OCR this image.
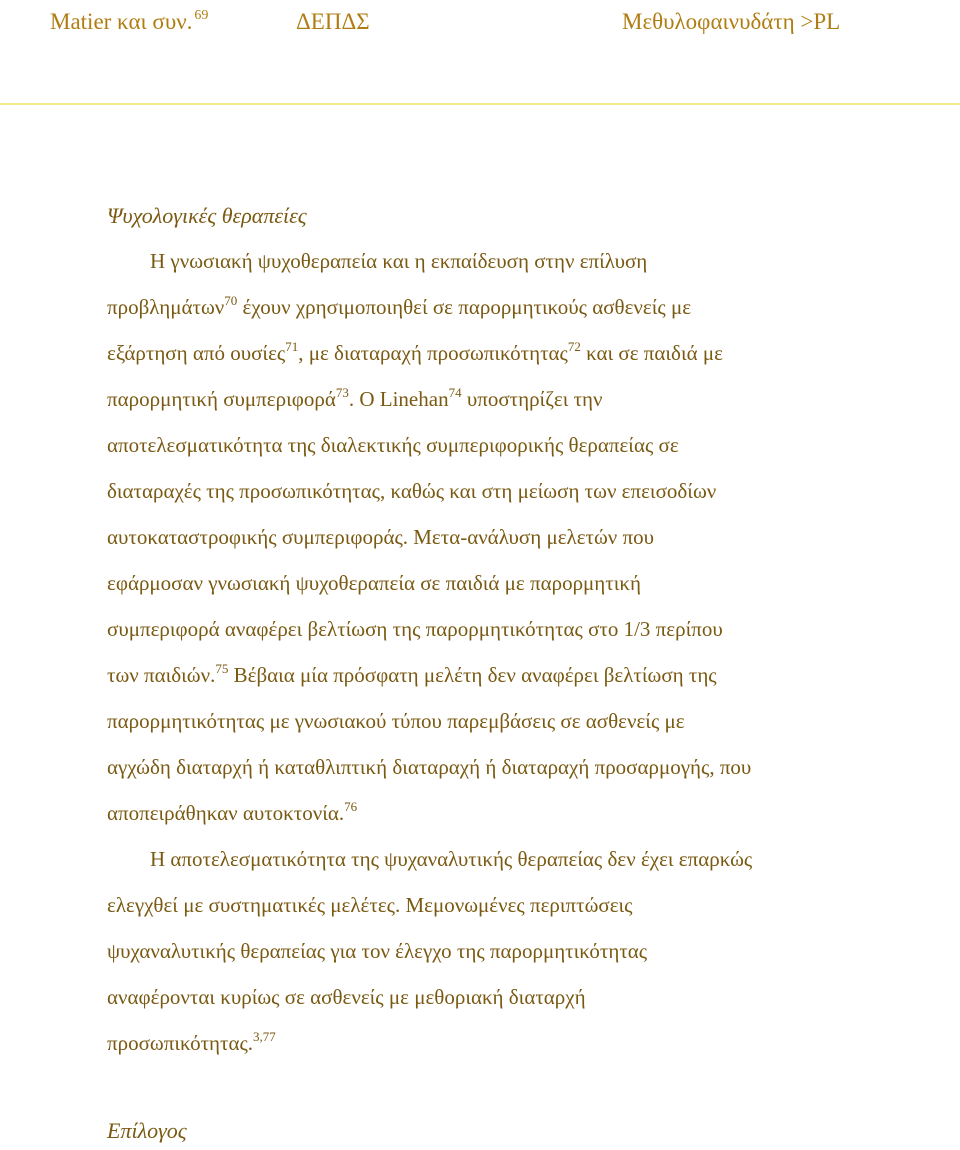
Matier και συν. $^{69}$	ΔΕΠΔΣ	Μεθυλοφαινυδάτη >PL

Ψυχολογικές θεραπείες

Η γνωσιακή ψυχοθεραπεία και η εκπαίδευση στην επίλυση
προβλημάτων$^{70}$ έχουν χρησιμοποιηθεί σε παρορμητικούς ασθενείς με
εξάρτηση από ουσίες$^{71}$, με διαταραχή προσωπικότητας$^{72}$ και σε παιδιά με
παρορμητική συμπεριφορά$^{73}$. Ο Linehan$^{74}$ υποστηρίζει την
αποτελεσματικότητα της διαλεκτικής συμπεριφορικής θεραπείας σε
διαταραχές της προσωπικότητας, καθώς και στη μείωση των επεισοδίων
αυτοκαταστροφικής συμπεριφοράς. Μετα-ανάλυση μελετών που
εφάρμοσαν γνωσιακή ψυχοθεραπεία σε παιδιά με παρορμητική
συμπεριφορά αναφέρει βελτίωση της παρορμητικότητας στο 1/3 περίπου
των παιδιών.$^{75}$ Βέβαια μία πρόσφατη μελέτη δεν αναφέρει βελτίωση της
παρορμητικότητας με γνωσιακού τύπου παρεμβάσεις σε ασθενείς με
αγχώδη διαταρχή ή καταθλιπτική διαταραχή ή διαταραχή προσαρμογής, που
αποπειράθηκαν αυτοκτονία.$^{76}$
Η αποτελεσματικότητα της ψυχαναλυτικής θεραπείας δεν έχει επαρκώς
ελεγχθεί με συστηματικές μελέτες. Μεμονωμένες περιπτώσεις
ψυχαναλυτικής θεραπείας για τον έλεγχο της παρορμητικότητας
αναφέρονται κυρίως σε ασθενείς με μεθοριακή διαταρχή
προσωπικότητας.$^{3,77}$
Επίλογος
